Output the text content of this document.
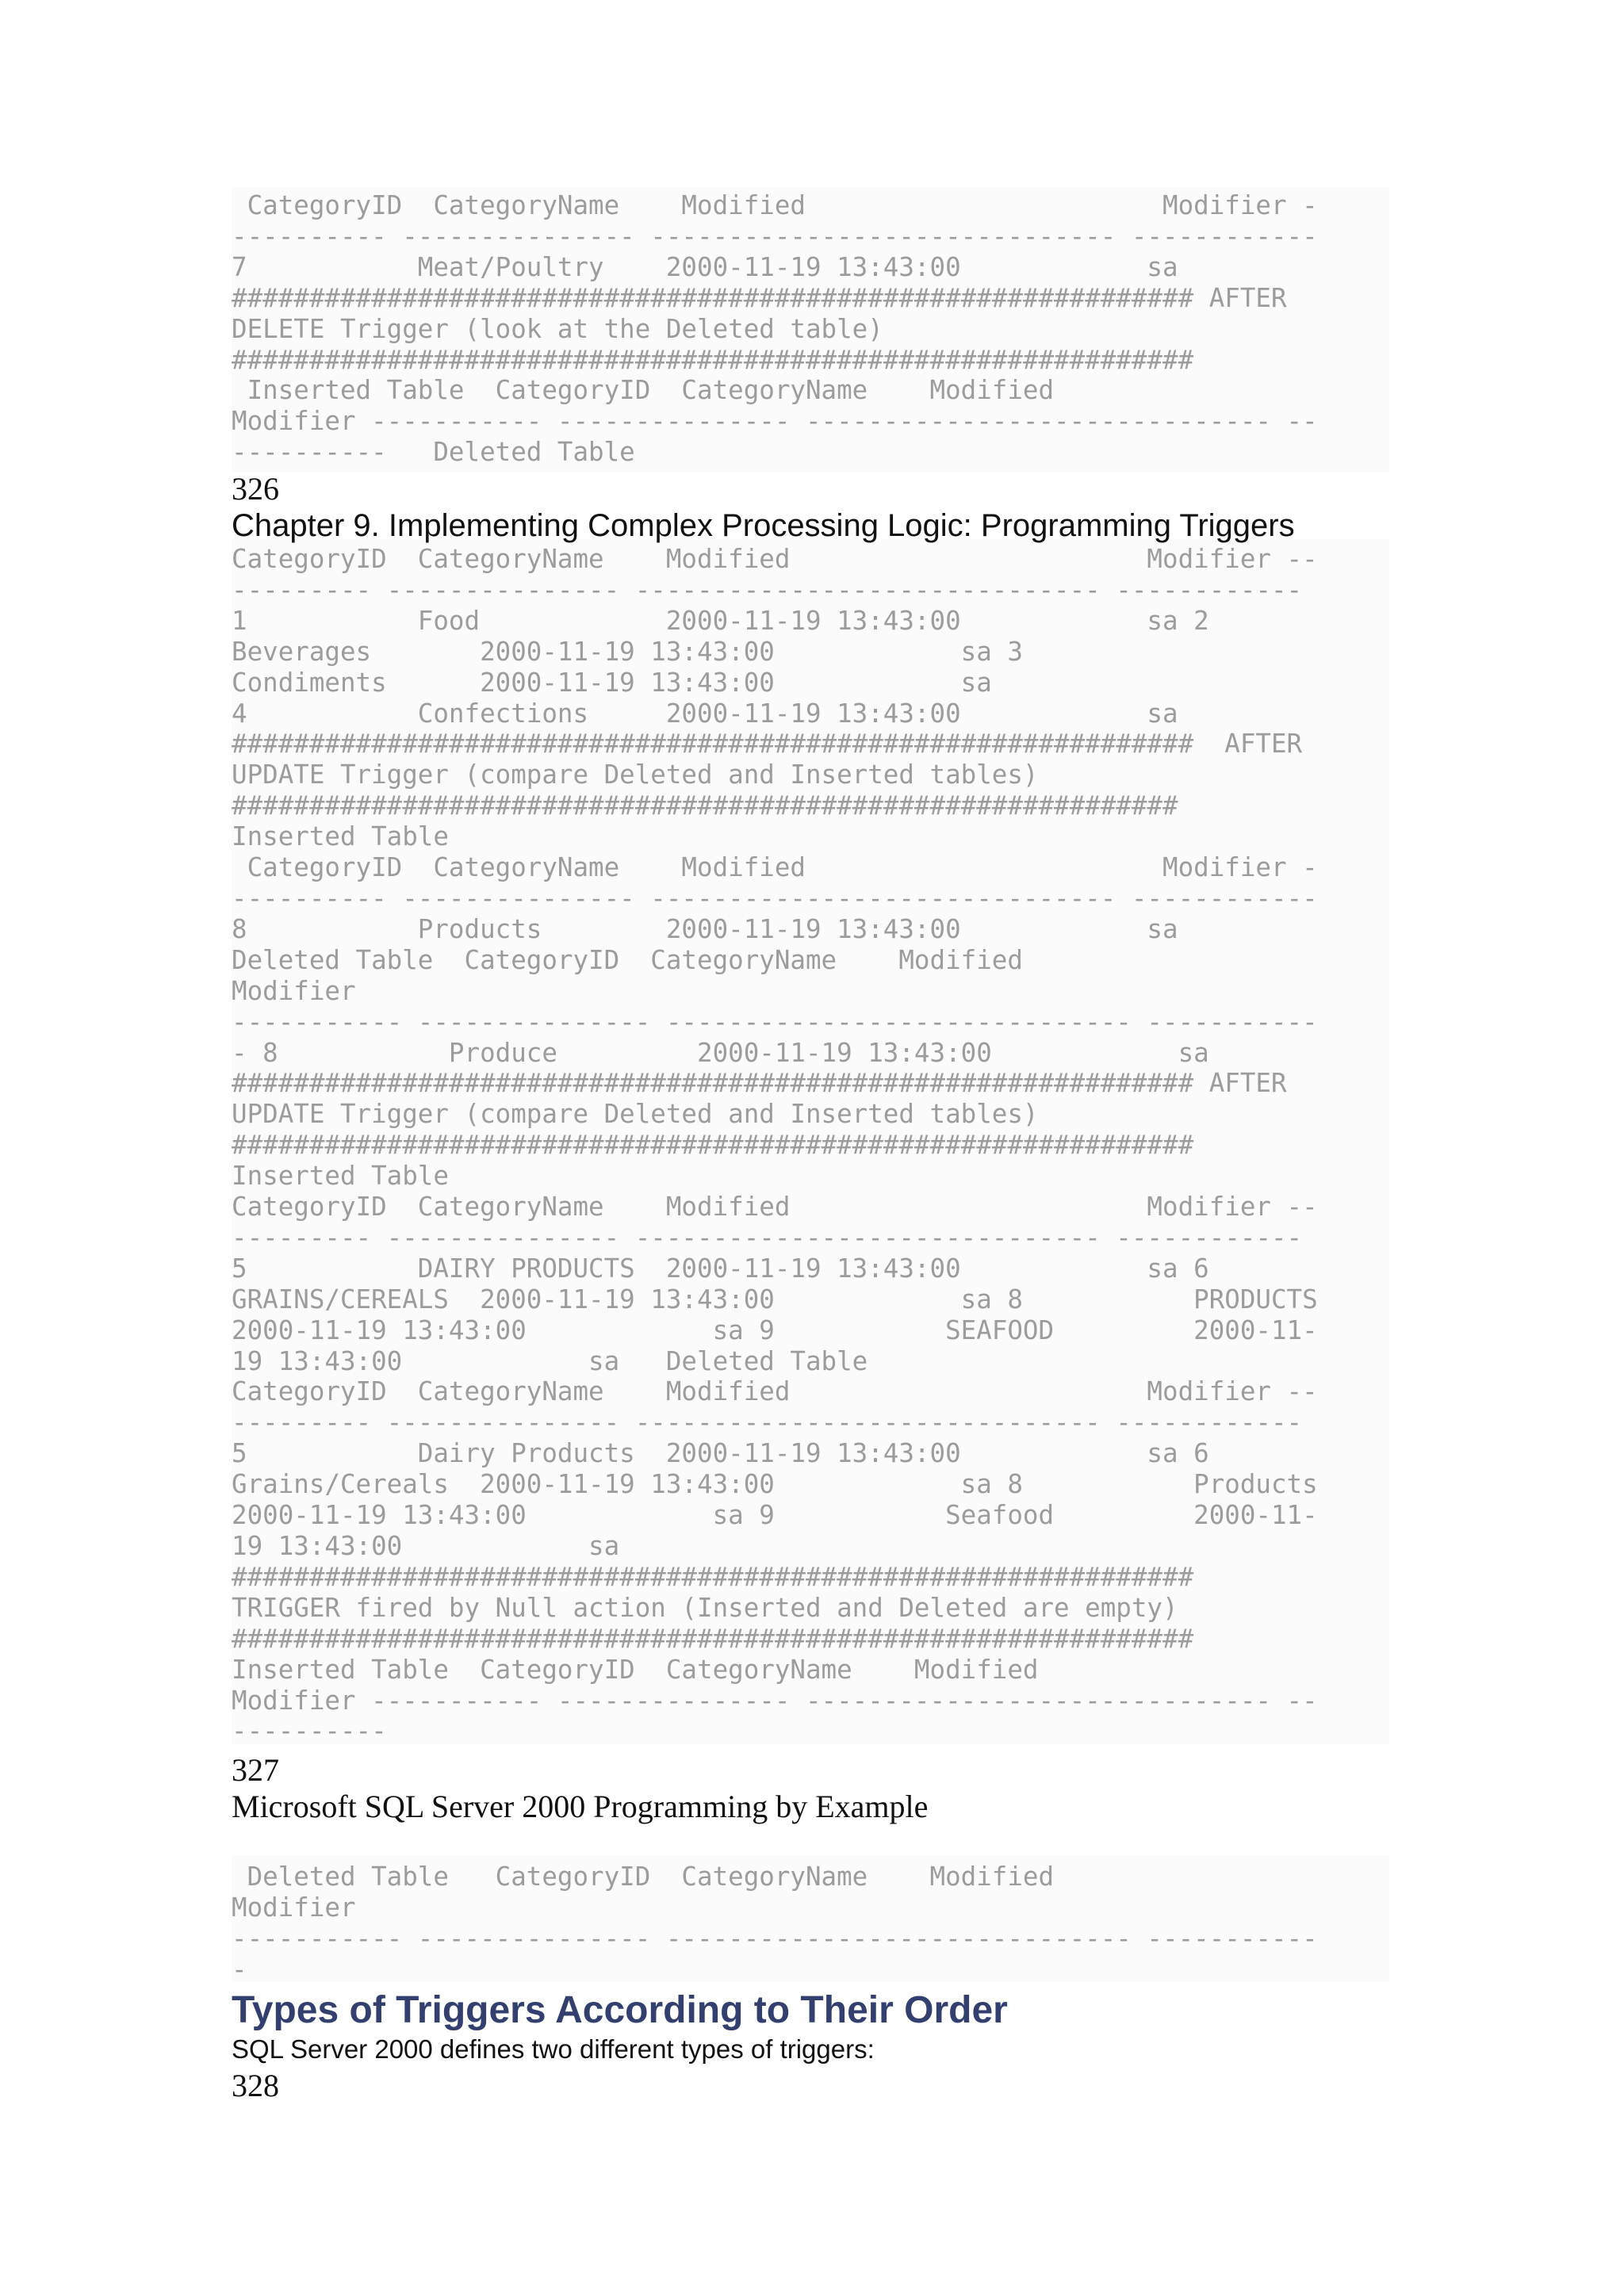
CategoryID  CategoryName    Modified                       Modifier -
---------- --------------- ------------------------------ ------------
7           Meat/Poultry    2000-11-19 13:43:00            sa
############################################################## AFTER
DELETE Trigger (look at the Deleted table)
##############################################################
Inserted Table  CategoryID  CategoryName    Modified
Modifier ----------- --------------- ------------------------------ --
----------   Deleted Table

326
Chapter 9. Implementing Complex Processing Logic: Programming Triggers
CategoryID  CategoryName    Modified                       Modifier --
--------- --------------- ------------------------------ ------------
1           Food            2000-11-19 13:43:00            sa 2
Beverages       2000-11-19 13:43:00            sa 3
Condiments      2000-11-19 13:43:00            sa
4           Confections     2000-11-19 13:43:00            sa
##############################################################  AFTER
UPDATE Trigger (compare Deleted and Inserted tables)
#############################################################
Inserted Table
CategoryID  CategoryName    Modified                       Modifier -
---------- --------------- ------------------------------ ------------
8           Products        2000-11-19 13:43:00            sa
Deleted Table  CategoryID  CategoryName    Modified
Modifier
----------- --------------- ------------------------------ -----------
- 8           Produce         2000-11-19 13:43:00            sa
############################################################## AFTER
UPDATE Trigger (compare Deleted and Inserted tables)
##############################################################
Inserted Table
CategoryID  CategoryName    Modified                       Modifier --
--------- --------------- ------------------------------ ------------
5           DAIRY PRODUCTS  2000-11-19 13:43:00            sa 6
GRAINS/CEREALS  2000-11-19 13:43:00            sa 8           PRODUCTS
2000-11-19 13:43:00            sa 9           SEAFOOD         2000-11-
19 13:43:00            sa   Deleted Table
CategoryID  CategoryName    Modified                       Modifier --
--------- --------------- ------------------------------ ------------
5           Dairy Products  2000-11-19 13:43:00            sa 6
Grains/Cereals  2000-11-19 13:43:00            sa 8           Products
2000-11-19 13:43:00            sa 9           Seafood         2000-11-
19 13:43:00            sa
##############################################################
TRIGGER fired by Null action (Inserted and Deleted are empty)
##############################################################
Inserted Table  CategoryID  CategoryName    Modified
Modifier ----------- --------------- ------------------------------ --
----------

327
Microsoft SQL Server 2000 Programming by Example
Deleted Table   CategoryID  CategoryName    Modified
Modifier
----------- --------------- ------------------------------ -----------
-

Types of Triggers According to Their Order
SQL Server 2000 defines two different types of triggers:
328
